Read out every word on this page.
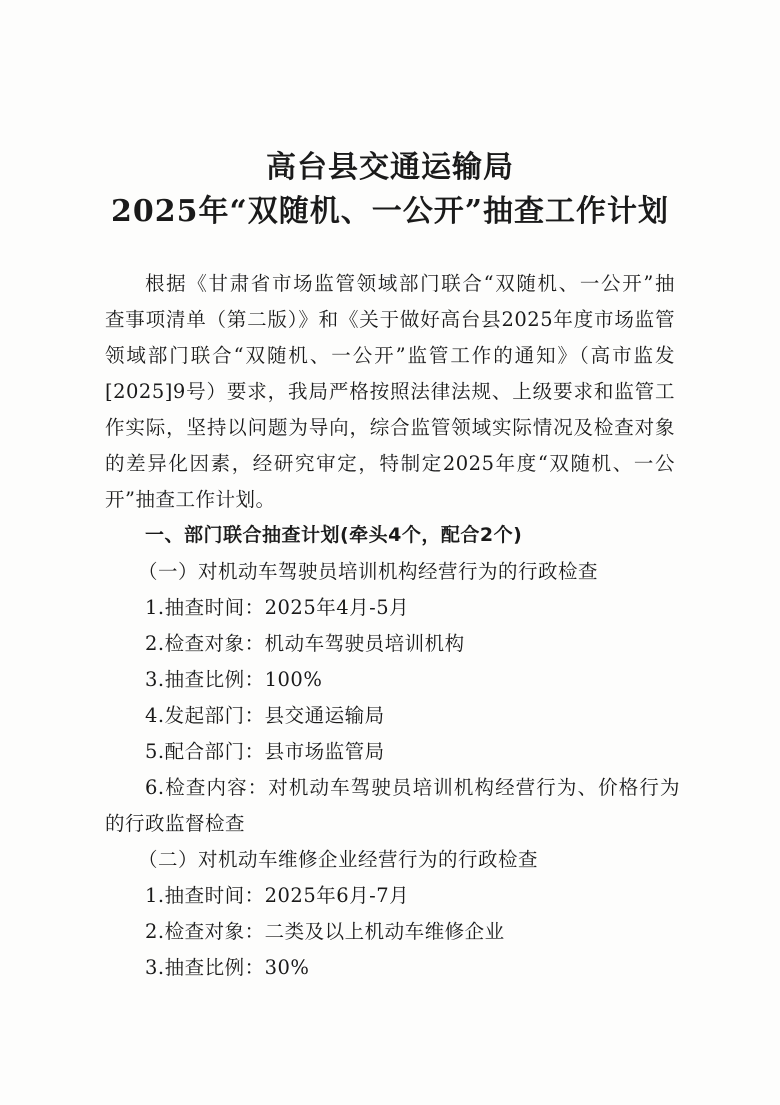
高台县交通运输局
2025年“双随机、一公开”抽查工作计划
根据《甘肃省市场监管领域部门联合“双随机、一公开”抽
查事项清单（第二版）》和《关于做好高台县2025年度市场监管
领域部门联合“双随机、一公开”监管工作的通知》（高市监发
[2025]9号）要求，我局严格按照法律法规、上级要求和监管工
作实际，坚持以问题为导向，综合监管领域实际情况及检查对象
的差异化因素，经研究审定，特制定2025年度“双随机、一公
开”抽查工作计划。
一、部门联合抽查计划(牵头4个，配合2个)
（一）对机动车驾驶员培训机构经营行为的行政检查
1.抽查时间：2025年4月-5月
2.检查对象：机动车驾驶员培训机构
3.抽查比例：100%
4.发起部门：县交通运输局
5.配合部门：县市场监管局
6.检查内容：对机动车驾驶员培训机构经营行为、价格行为
的行政监督检查
（二）对机动车维修企业经营行为的行政检查
1.抽查时间：2025年6月-7月
2.检查对象：二类及以上机动车维修企业
3.抽查比例：30%
